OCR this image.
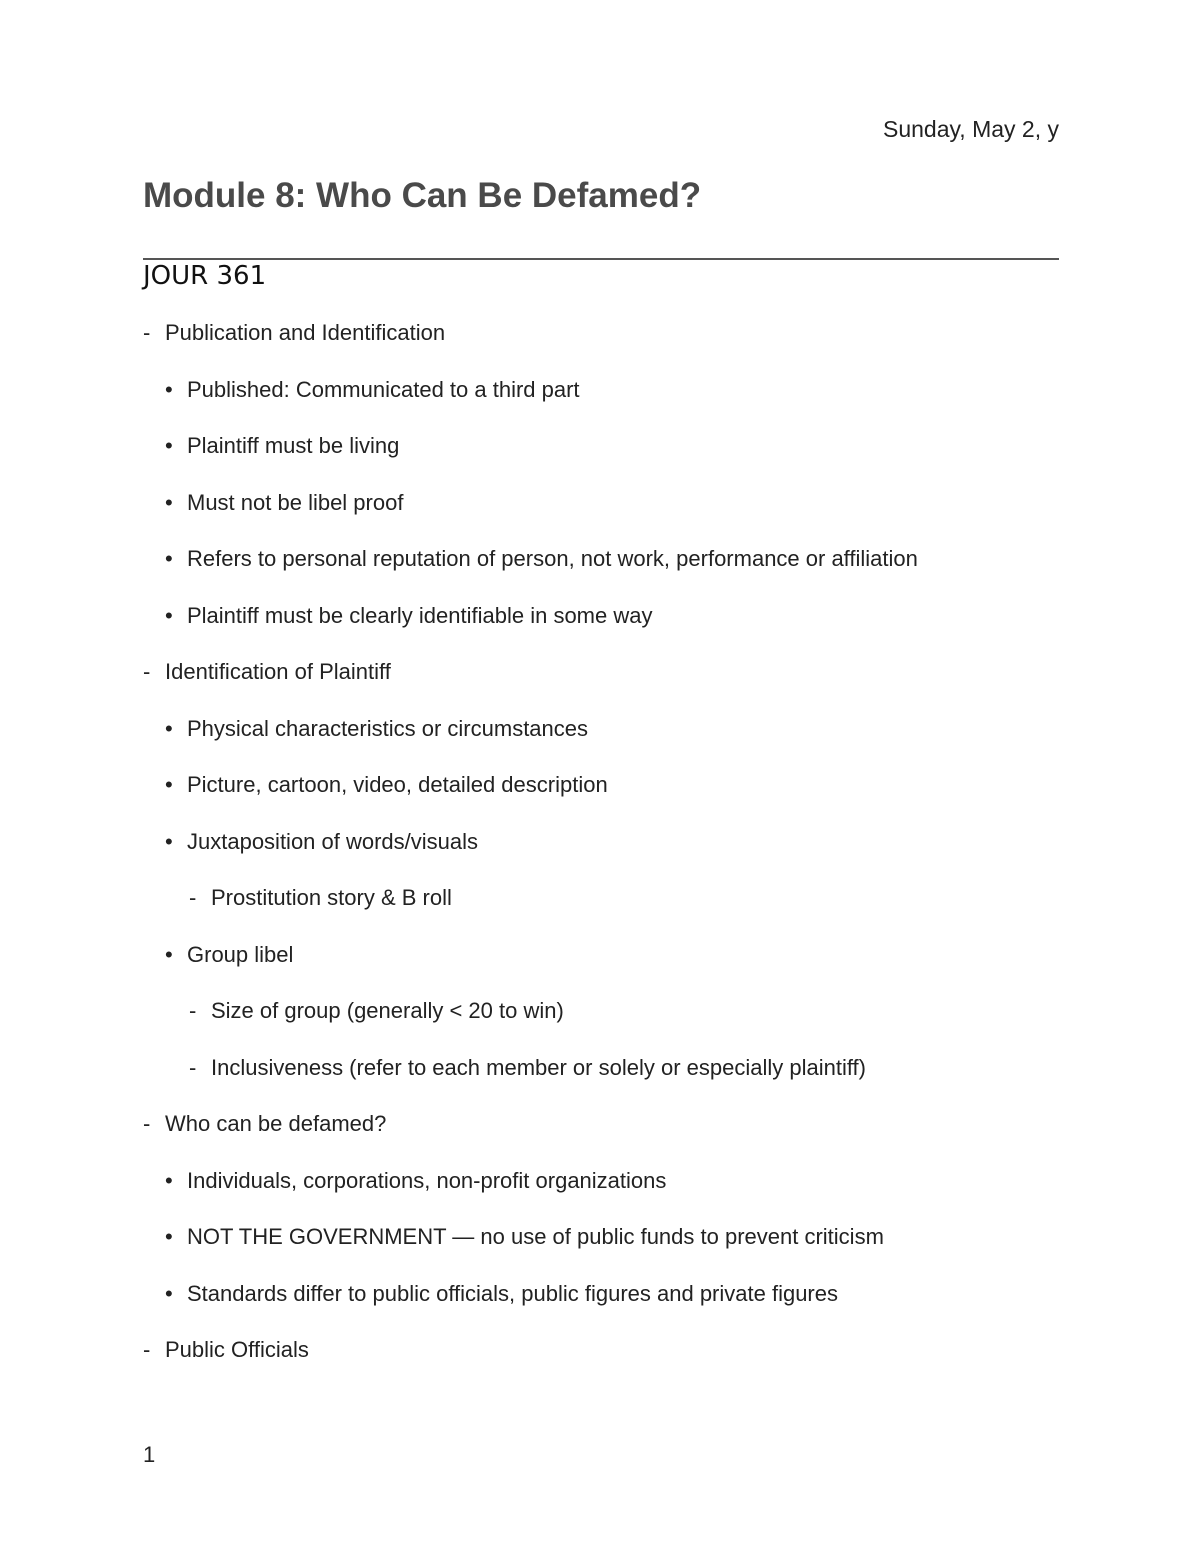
Sunday, May 2, y
Module 8: Who Can Be Defamed?
JOUR 361
- Publication and Identification
• Published: Communicated to a third part
• Plaintiff must be living
• Must not be libel proof
• Refers to personal reputation of person, not work, performance or affiliation
• Plaintiff must be clearly identifiable in some way
- Identification of Plaintiff
• Physical characteristics or circumstances
• Picture, cartoon, video, detailed description
• Juxtaposition of words/visuals
- Prostitution story & B roll
• Group libel
- Size of group (generally < 20 to win)
- Inclusiveness (refer to each member or solely or especially plaintiff)
- Who can be defamed?
• Individuals, corporations, non-profit organizations
• NOT THE GOVERNMENT — no use of public funds to prevent criticism
• Standards differ to public officials, public figures and private figures
- Public Officials
1
